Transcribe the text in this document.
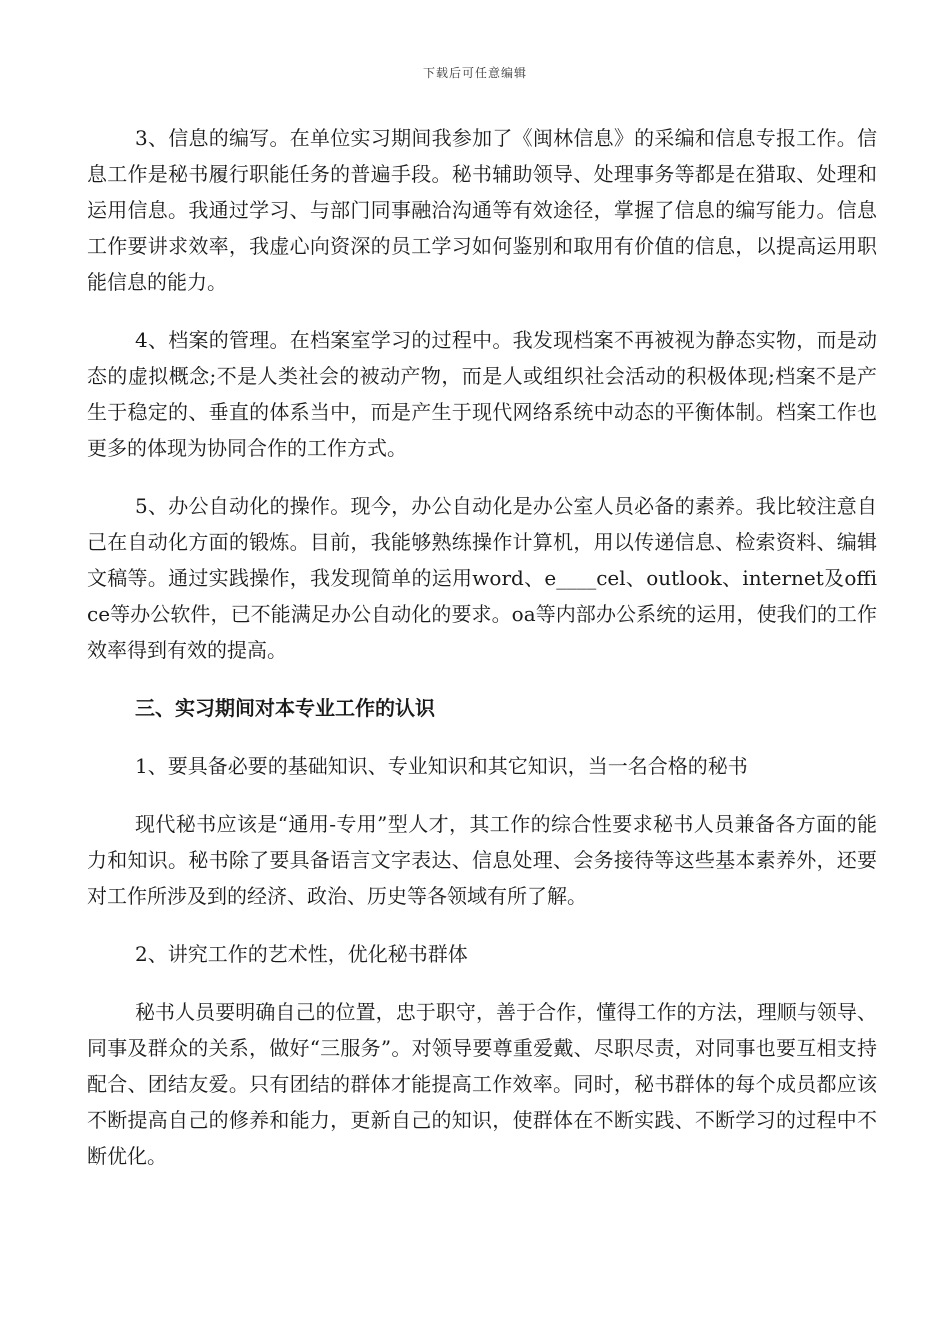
下载后可任意编辑

3、信息的编写。在单位实习期间我参加了《闽林信息》的采编和信息专报工作。信息工作是秘书履行职能任务的普遍手段。秘书辅助领导、处理事务等都是在猎取、处理和运用信息。我通过学习、与部门同事融洽沟通等有效途径，掌握了信息的编写能力。信息工作要讲求效率，我虚心向资深的员工学习如何鉴别和取用有价值的信息，以提高运用职能信息的能力。

4、档案的管理。在档案室学习的过程中。我发现档案不再被视为静态实物，而是动态的虚拟概念;不是人类社会的被动产物，而是人或组织社会活动的积极体现;档案不是产生于稳定的、垂直的体系当中，而是产生于现代网络系统中动态的平衡体制。档案工作也更多的体现为协同合作的工作方式。

5、办公自动化的操作。现今，办公自动化是办公室人员必备的素养。我比较注意自己在自动化方面的锻炼。目前，我能够熟练操作计算机，用以传递信息、检索资料、编辑文稿等。通过实践操作，我发现简单的运用word、e____cel、outlook、internet及office等办公软件，已不能满足办公自动化的要求。oa等内部办公系统的运用，使我们的工作效率得到有效的提高。

三、实习期间对本专业工作的认识

1、要具备必要的基础知识、专业知识和其它知识，当一名合格的秘书

现代秘书应该是“通用-专用”型人才，其工作的综合性要求秘书人员兼备各方面的能力和知识。秘书除了要具备语言文字表达、信息处理、会务接待等这些基本素养外，还要对工作所涉及到的经济、政治、历史等各领域有所了解。

2、讲究工作的艺术性，优化秘书群体

秘书人员要明确自己的位置，忠于职守，善于合作，懂得工作的方法，理顺与领导、同事及群众的关系，做好“三服务”。对领导要尊重爱戴、尽职尽责，对同事也要互相支持配合、团结友爱。只有团结的群体才能提高工作效率。同时，秘书群体的每个成员都应该不断提高自己的修养和能力，更新自己的知识，使群体在不断实践、不断学习的过程中不断优化。
